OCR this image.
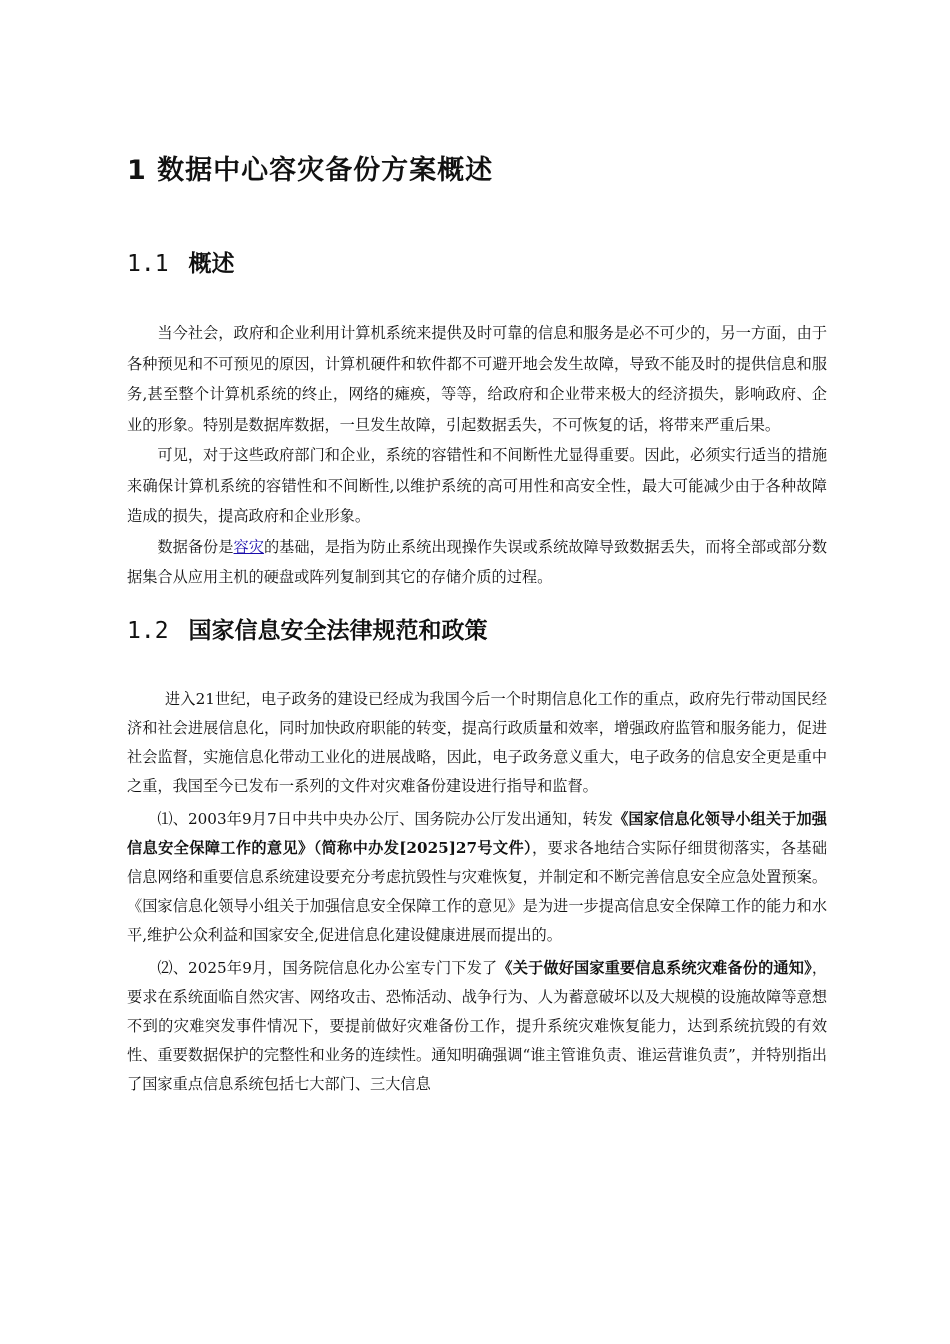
1 数据中心容灾备份方案概述
1.1 概述

当今社会，政府和企业利用计算机系统来提供及时可靠的信息和服务是必不可少的，另一方面，由于各种预见和不可预见的原因，计算机硬件和软件都不可避开地会发生故障，导致不能及时的提供信息和服务,甚至整个计算机系统的终止，网络的瘫痪，等等，给政府和企业带来极大的经济损失，影响政府、企业的形象。特别是数据库数据，一旦发生故障，引起数据丢失，不可恢复的话，将带来严重后果。

可见，对于这些政府部门和企业，系统的容错性和不间断性尤显得重要。因此，必须实行适当的措施来确保计算机系统的容错性和不间断性,以维护系统的高可用性和高安全性，最大可能减少由于各种故障造成的损失，提高政府和企业形象。

数据备份是容灾的基础，是指为防止系统出现操作失误或系统故障导致数据丢失，而将全部或部分数据集合从应用主机的硬盘或阵列复制到其它的存储介质的过程。

1.2 国家信息安全法律规范和政策

进入21世纪，电子政务的建设已经成为我国今后一个时期信息化工作的重点，政府先行带动国民经济和社会进展信息化，同时加快政府职能的转变，提高行政质量和效率，增强政府监管和服务能力，促进社会监督，实施信息化带动工业化的进展战略，因此，电子政务意义重大，电子政务的信息安全更是重中之重，我国至今已发布一系列的文件对灾难备份建设进行指导和监督。

⑴、2003年9月7日中共中央办公厅、国务院办公厅发出通知，转发《国家信息化领导小组关于加强信息安全保障工作的意见》（简称中办发[2025]27号文件），要求各地结合实际仔细贯彻落实，各基础信息网络和重要信息系统建设要充分考虑抗毁性与灾难恢复，并制定和不断完善信息安全应急处置预案。《国家信息化领导小组关于加强信息安全保障工作的意见》是为进一步提高信息安全保障工作的能力和水平,维护公众利益和国家安全,促进信息化建设健康进展而提出的。

⑵、2025年9月，国务院信息化办公室专门下发了《关于做好国家重要信息系统灾难备份的通知》，要求在系统面临自然灾害、网络攻击、恐怖活动、战争行为、人为蓄意破坏以及大规模的设施故障等意想不到的灾难突发事件情况下，要提前做好灾难备份工作，提升系统灾难恢复能力，达到系统抗毁的有效性、重要数据保护的完整性和业务的连续性。通知明确强调“谁主管谁负责、谁运营谁负责”，并特别指出了国家重点信息系统包括七大部门、三大信息
